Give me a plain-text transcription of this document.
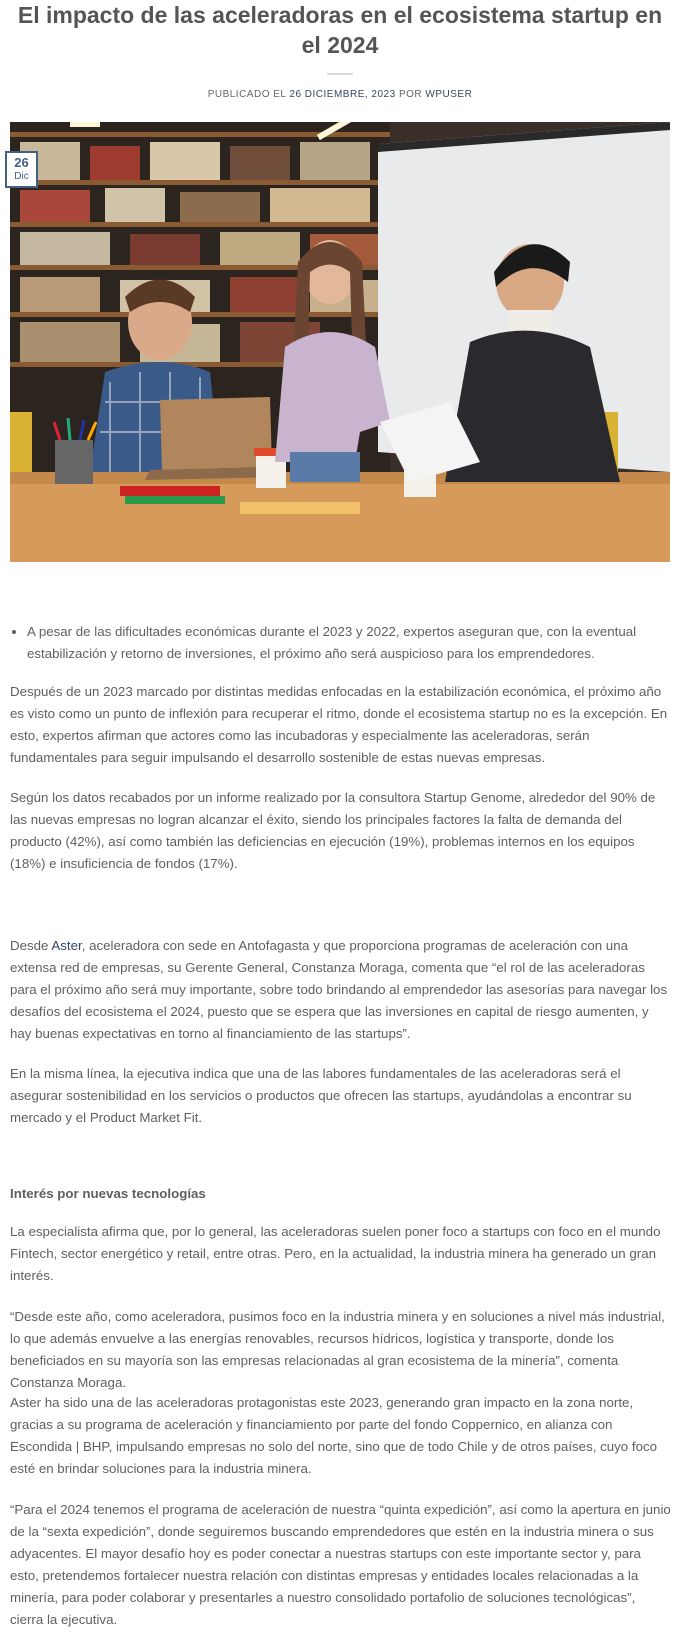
El impacto de las aceleradoras en el ecosistema startup en el 2024
PUBLICADO EL 26 DICIEMBRE, 2023 POR WPUSER
26
Dic
• A pesar de las dificultades económicas durante el 2023 y 2022, expertos aseguran que, con la eventual estabilización y retorno de inversiones, el próximo año será auspicioso para los emprendedores.

Después de un 2023 marcado por distintas medidas enfocadas en la estabilización económica, el próximo año es visto como un punto de inflexión para recuperar el ritmo, donde el ecosistema startup no es la excepción. En esto, expertos afirman que actores como las incubadoras y especialmente las aceleradoras, serán fundamentales para seguir impulsando el desarrollo sostenible de estas nuevas empresas.

Según los datos recabados por un informe realizado por la consultora Startup Genome, alrededor del 90% de las nuevas empresas no logran alcanzar el éxito, siendo los principales factores la falta de demanda del producto (42%), así como también las deficiencias en ejecución (19%), problemas internos en los equipos (18%) e insuficiencia de fondos (17%).

Desde Aster, aceleradora con sede en Antofagasta y que proporciona programas de aceleración con una extensa red de empresas, su Gerente General, Constanza Moraga, comenta que “el rol de las aceleradoras para el próximo año será muy importante, sobre todo brindando al emprendedor las asesorías para navegar los desafíos del ecosistema el 2024, puesto que se espera que las inversiones en capital de riesgo aumenten, y hay buenas expectativas en torno al financiamiento de las startups”.

En la misma línea, la ejecutiva indica que una de las labores fundamentales de las aceleradoras será el asegurar sostenibilidad en los servicios o productos que ofrecen las startups, ayudándolas a encontrar su mercado y el Product Market Fit.

Interés por nuevas tecnologías

La especialista afirma que, por lo general, las aceleradoras suelen poner foco a startups con foco en el mundo Fintech, sector energético y retail, entre otras. Pero, en la actualidad, la industria minera ha generado un gran interés.

“Desde este año, como aceleradora, pusimos foco en la industria minera y en soluciones a nivel más industrial, lo que además envuelve a las energías renovables, recursos hídricos, logística y transporte, donde los beneficiados en su mayoría son las empresas relacionadas al gran ecosistema de la minería”, comenta Constanza Moraga.

Aster ha sido una de las aceleradoras protagonistas este 2023, generando gran impacto en la zona norte, gracias a su programa de aceleración y financiamiento por parte del fondo Coppernico, en alianza con Escondida | BHP, impulsando empresas no solo del norte, sino que de todo Chile y de otros países, cuyo foco esté en brindar soluciones para la industria minera.

“Para el 2024 tenemos el programa de aceleración de nuestra “quinta expedición”, así como la apertura en junio de la “sexta expedición”, donde seguiremos buscando emprendedores que estén en la industria minera o sus adyacentes. El mayor desafío hoy es poder conectar a nuestras startups con este importante sector y, para esto, pretendemos fortalecer nuestra relación con distintas empresas y entidades locales relacionadas a la minería, para poder colaborar y presentarles a nuestro consolidado portafolio de soluciones tecnológicas”, cierra la ejecutiva.
